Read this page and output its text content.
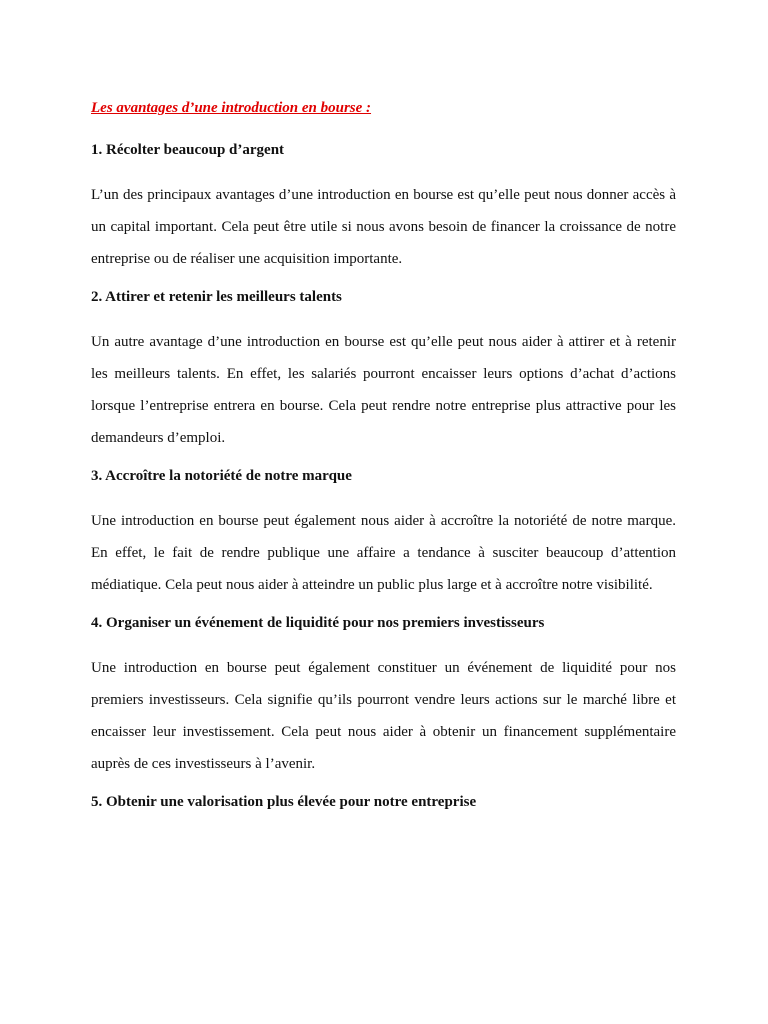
Les avantages d’une introduction en bourse :
1. Récolter beaucoup d’argent
L’un des principaux avantages d’une introduction en bourse est qu’elle peut nous donner accès à un capital important. Cela peut être utile si nous avons besoin de financer la croissance de notre entreprise ou de réaliser une acquisition importante.
2. Attirer et retenir les meilleurs talents
Un autre avantage d’une introduction en bourse est qu’elle peut nous aider à attirer et à retenir les meilleurs talents. En effet, les salariés pourront encaisser leurs options d’achat d’actions lorsque l’entreprise entrera en bourse. Cela peut rendre notre entreprise plus attractive pour les demandeurs d’emploi.
3. Accroître la notoriété de notre marque
Une introduction en bourse peut également nous aider à accroître la notoriété de notre marque. En effet, le fait de rendre publique une affaire a tendance à susciter beaucoup d’attention médiatique. Cela peut nous aider à atteindre un public plus large et à accroître notre visibilité.
4. Organiser un événement de liquidité pour nos premiers investisseurs
Une introduction en bourse peut également constituer un événement de liquidité pour nos premiers investisseurs. Cela signifie qu’ils pourront vendre leurs actions sur le marché libre et encaisser leur investissement. Cela peut nous aider à obtenir un financement supplémentaire auprès de ces investisseurs à l’avenir.
5. Obtenir une valorisation plus élevée pour notre entreprise
